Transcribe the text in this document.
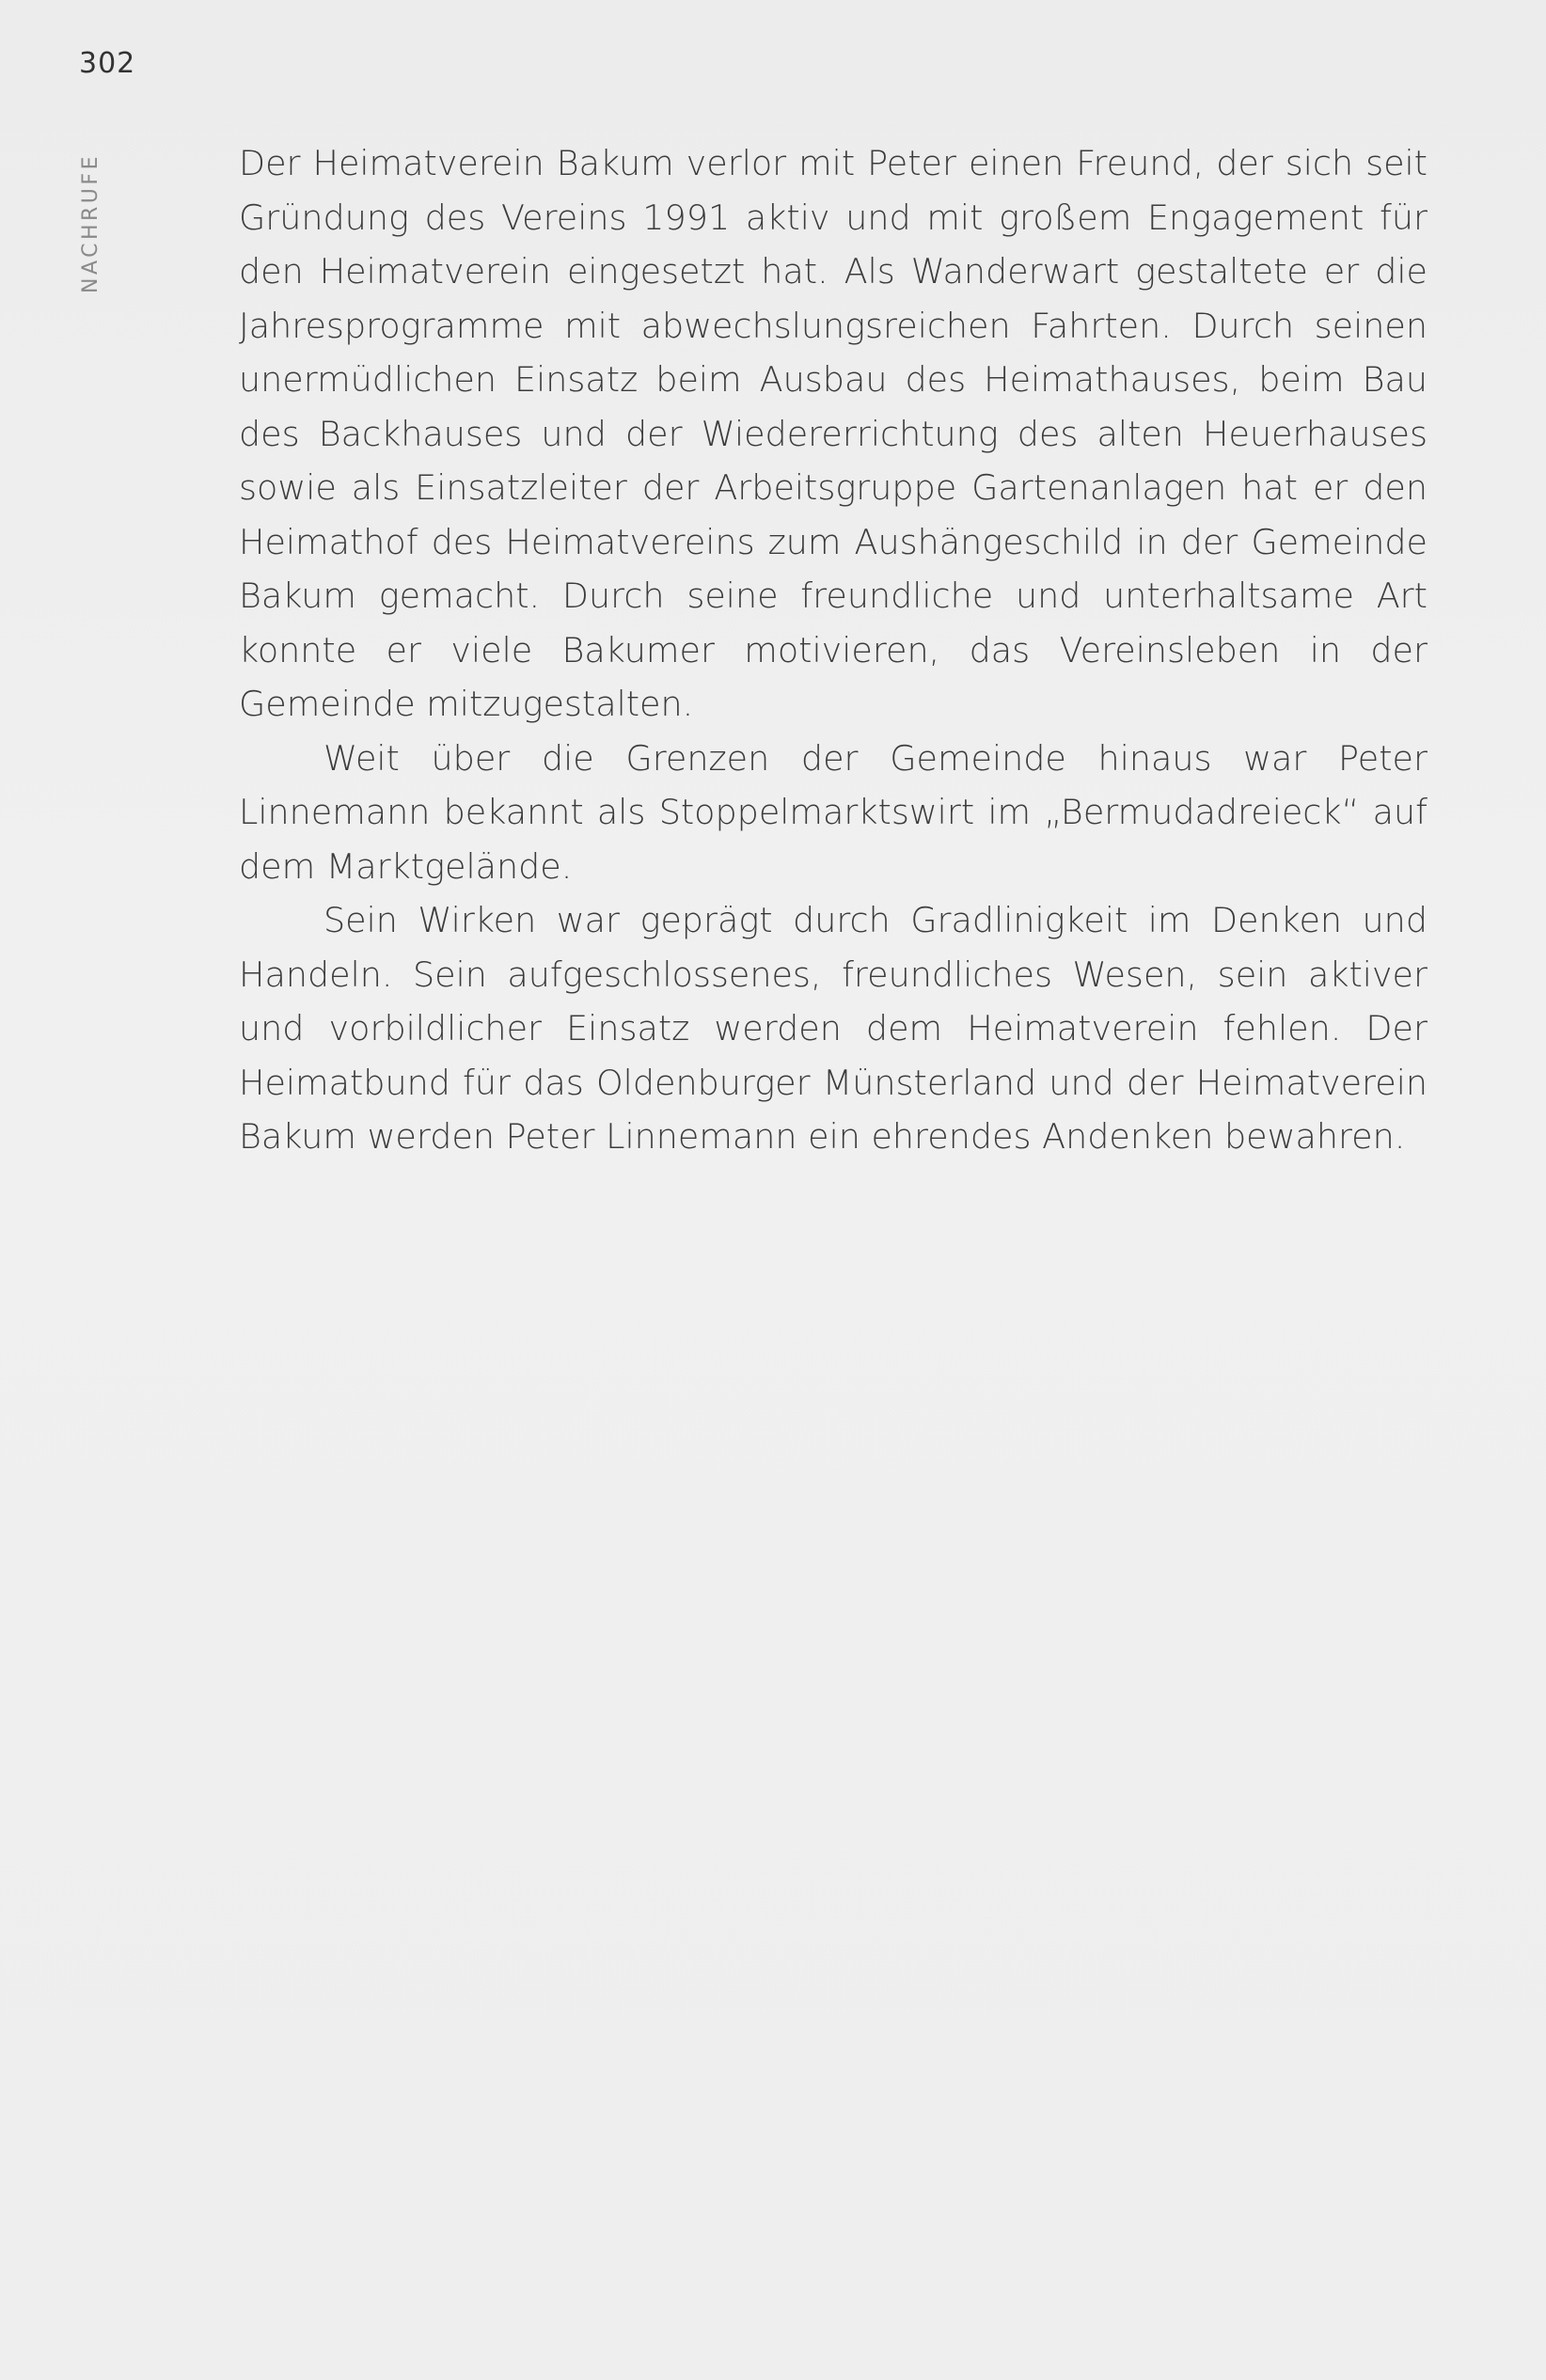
302
NACHRUFE	Der Heimatverein Bakum verlor mit Peter einen Freund, der sich seit Gründung des Vereins 1991 aktiv und mit großem Engagement für den Heimatverein eingesetzt hat. Als Wanderwart gestaltete er die Jahresprogramme mit abwechslungsreichen Fahrten. Durch seinen unermüdlichen Einsatz beim Ausbau des Heimathauses, beim Bau des Backhauses und der Wiedererrichtung des alten Heuerhauses sowie als Einsatzleiter der Arbeitsgruppe Gartenanlagen hat er den Heimathof des Heimatvereins zum Aushängeschild in der Gemeinde Bakum gemacht. Durch seine freundliche und unterhaltsame Art konnte er viele Bakumer motivieren, das Vereinsleben in der Gemeinde mitzugestalten.

Weit über die Grenzen der Gemeinde hinaus war Peter Linnemann bekannt als Stoppelmarktswirt im „Bermudadreieck“ auf dem Marktgelände.

Sein Wirken war geprägt durch Gradlinigkeit im Denken und Handeln. Sein aufgeschlossenes, freundliches Wesen, sein aktiver und vorbildlicher Einsatz werden dem Heimatverein fehlen. Der Heimatbund für das Oldenburger Münsterland und der Heimatverein Bakum werden Peter Linnemann ein ehrendes Andenken bewahren.
